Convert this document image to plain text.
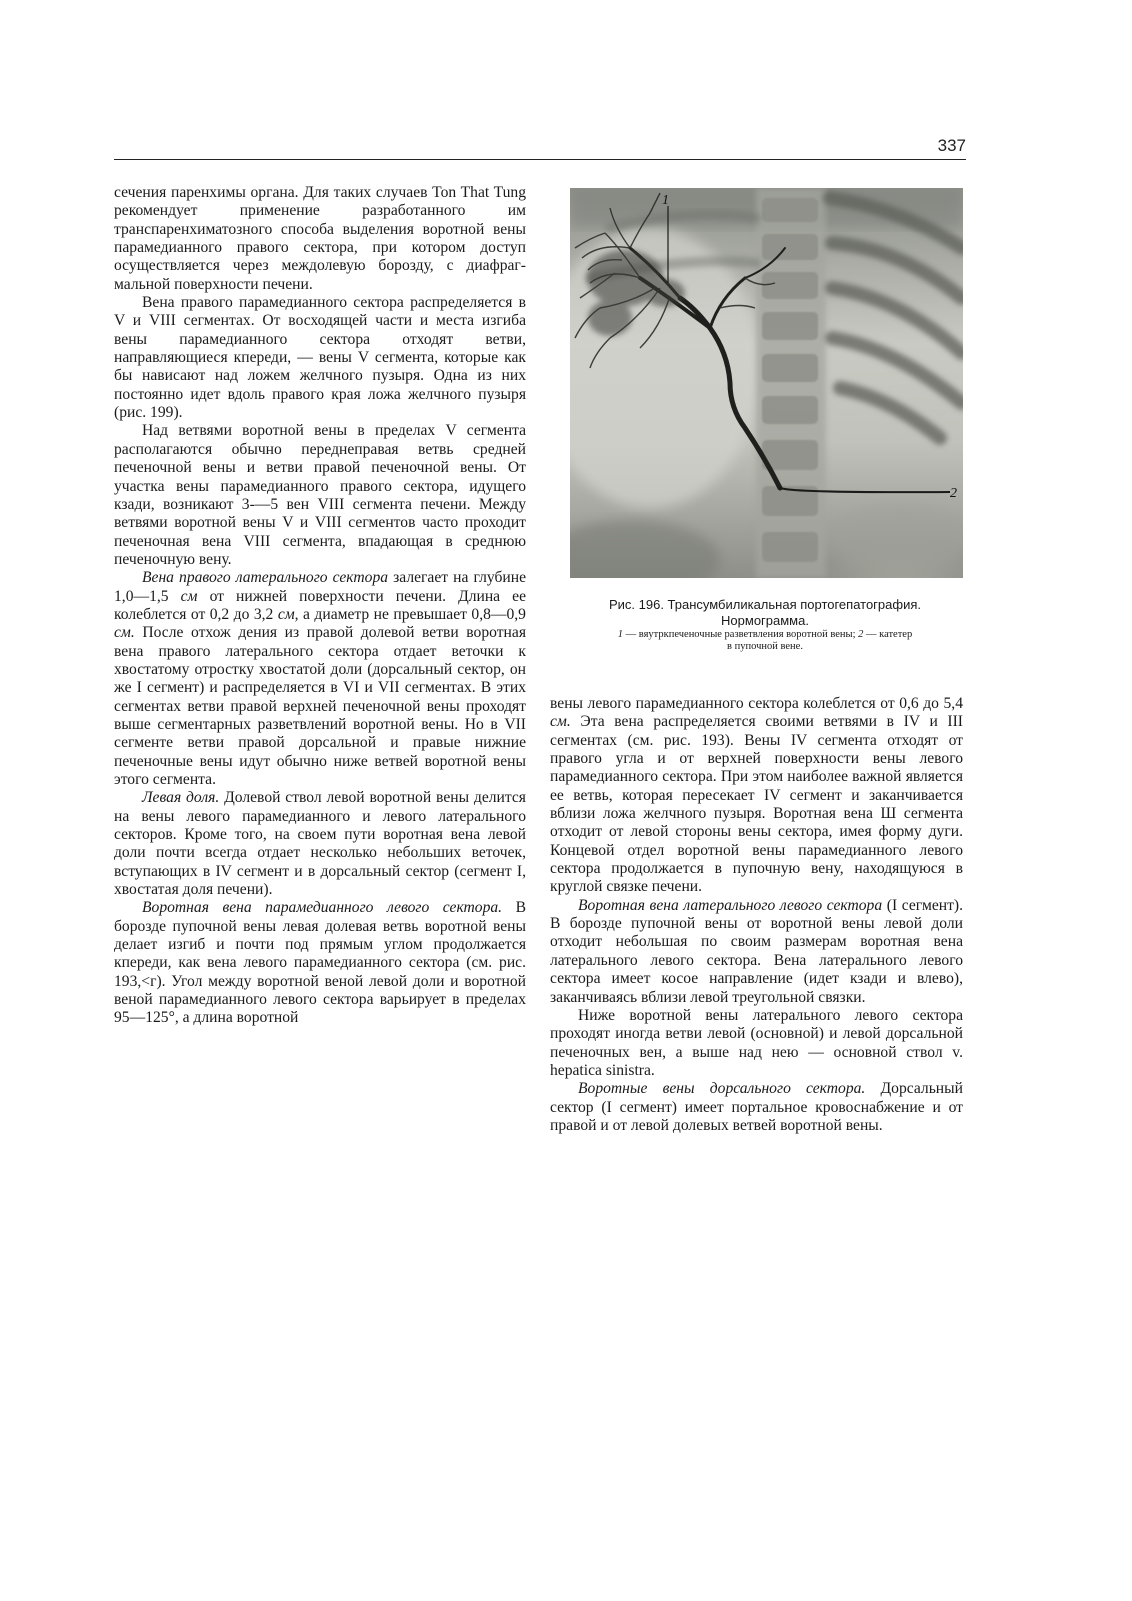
337

сечения паренхимы органа. Для таких случаев Ton That Tung рекомендует применение разработанного им транспаренхиматозного способа выделения воротной вены парамедианного правого сектора, при котором доступ осуществляется через междолевую борозду, с диафраг-мальной поверхности печени.

Вена правого парамедианного сектора распределяется в V и VIII сегментах. От восходящей части и места изгиба вены парамедианного сектора отходят ветви, направляющиеся кпереди, — вены V сегмента, которые как бы нависают над ложем желчного пузыря. Одна из них постоянно идет вдоль правого края ложа желчного пузыря (рис. 199).

Над ветвями воротной вены в пределах V сегмента располагаются обычно переднеправая ветвь средней печеночной вены и ветви правой печеночной вены. От участка вены парамедианного правого сектора, идущего кзади, возникают 3-—5 вен VIII сегмента печени. Между ветвями воротной вены V и VIII сегментов часто проходит печеночная вена VIII сегмента, впадающая в среднюю печеночную вену.

Вена правого латерального сектора залегает на глубине 1,0—1,5 см от нижней поверхности печени. Длина ее колеблется от 0,2 до 3,2 см, а диаметр не превышает 0,8—0,9 см. После отхож дения из правой долевой ветви воротная вена правого латерального сектора отдает веточки к хвостатому отростку хвостатой доли (дорсальный сектор, он же I сегмент) и распределяется в VI и VII сегментах. В этих сегментах ветви правой верхней печеночной вены проходят выше сегментарных разветвлений воротной вены. Но в VII сегменте ветви правой дорсальной и правые нижние печеночные вены идут обычно ниже ветвей воротной вены этого сегмента.

Левая доля. Долевой ствол левой воротной вены делится на вены левого парамедианного и левого латерального секторов. Кроме того, на своем пути воротная вена левой доли почти всегда отдает несколько небольших веточек, вступающих в IV сегмент и в дорсальный сектор (сегмент I, хвостатая доля печени).

Воротная вена парамедианного левого сектора. В борозде пупочной вены левая долевая ветвь воротной вены делает изгиб и почти под прямым углом продолжается кпереди, как вена левого парамедианного сектора (см. рис. 193,<г). Угол между воротной веной левой доли и воротной веной парамедианного левого сектора варьирует в пределах 95—125°, а длина воротной

1
2
Рис. 196. Трансумбиликальная портогепатография.
Нормограмма.
1 — вяутркпеченочные разветвления воротной вены; 2 — катетер
в пупочной вене.

вены левого парамедианного сектора колеблется от 0,6 до 5,4 см. Эта вена распределяется своими ветвями в IV и III сегментах (см. рис. 193). Вены IV сегмента отходят от правого угла и от верхней поверхности вены левого парамедианного сектора. При этом наиболее важной является ее ветвь, которая пересекает IV сегмент и заканчивается вблизи ложа желчного пузыря. Воротная вена Ш сегмента отходит от левой стороны вены сектора, имея форму дуги. Концевой отдел воротной вены парамедианного левого сектора продолжается в пупочную вену, находящуюся в круглой связке печени.

Воротная вена латерального левого сектора (I сегмент). В борозде пупочной вены от воротной вены левой доли отходит небольшая по своим размерам воротная вена латерального левого сектора. Вена латерального левого сектора имеет косое направление (идет кзади и влево), заканчиваясь вблизи левой треугольной связки.

Ниже воротной вены латерального левого сектора проходят иногда ветви левой (основной) и левой дорсальной печеночных вен, а выше над нею — основной ствол v. hepatica sinistra.

Воротные вены дорсального сектора. Дорсальный сектор (I сегмент) имеет портальное кровоснабжение и от правой и от левой долевых ветвей воротной вены.
